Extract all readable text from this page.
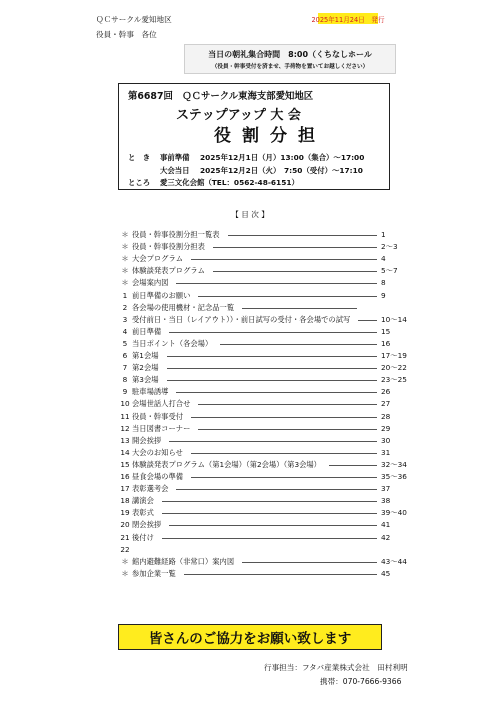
ＱＣサークル愛知地区
役員・幹事　各位
2025年11月24日　発行
当日の朝礼集合時間　8:00（くちなしホール
（役員・幹事受付を済ませ、手荷物を置いてお越しください）
第6687回　ＱＣサークル東海支部愛知地区
ステップアップ 大 会
役割分担
と　き 事前準備 2025年12月1日（月）13:00（集合）～17:00
大会当日 2025年12月2日（火）　7:50（受付）～17:10
ところ 愛三文化会館（TEL：0562-48-6151）
【 目 次 】
＊ 役員・幹事役割分担一覧表	1
＊ 役員・幹事役割分担表	2～3
＊ 大会プログラム	4
＊ 体験談発表プログラム	5～7
＊ 会場案内図	8
1 前日準備のお願い	9
2 各会場の使用機材・記念品一覧
3 受付前日・当日（レイアウト））・前日試写の受付・各会場での試写	10～14
4 前日準備	15
5 当日ポイント（各会場）	16
6 第1会場	17～19
7 第2会場	20～22
8 第3会場	23～25
9 駐車場誘導	26
10 会場世話人打合せ	27
11 役員・幹事受付	28
12 当日図書コーナー	29
13 開会挨拶	30
14 大会のお知らせ	31
15 体験談発表プログラム（第1会場）（第2会場）（第3会場）	32～34
16 昼食会場の準備	35～36
17 表彰選考会	37
18 講演会	38
19 表彰式	39～40
20 閉会挨拶	41
21 後付け	42
22
＊ 館内避難経路（非常口）案内図	43～44
＊ 参加企業一覧	45
皆さんのご協力をお願い致します
行事担当：フタバ産業株式会社　田村利明
携帯：070-7666-9366
